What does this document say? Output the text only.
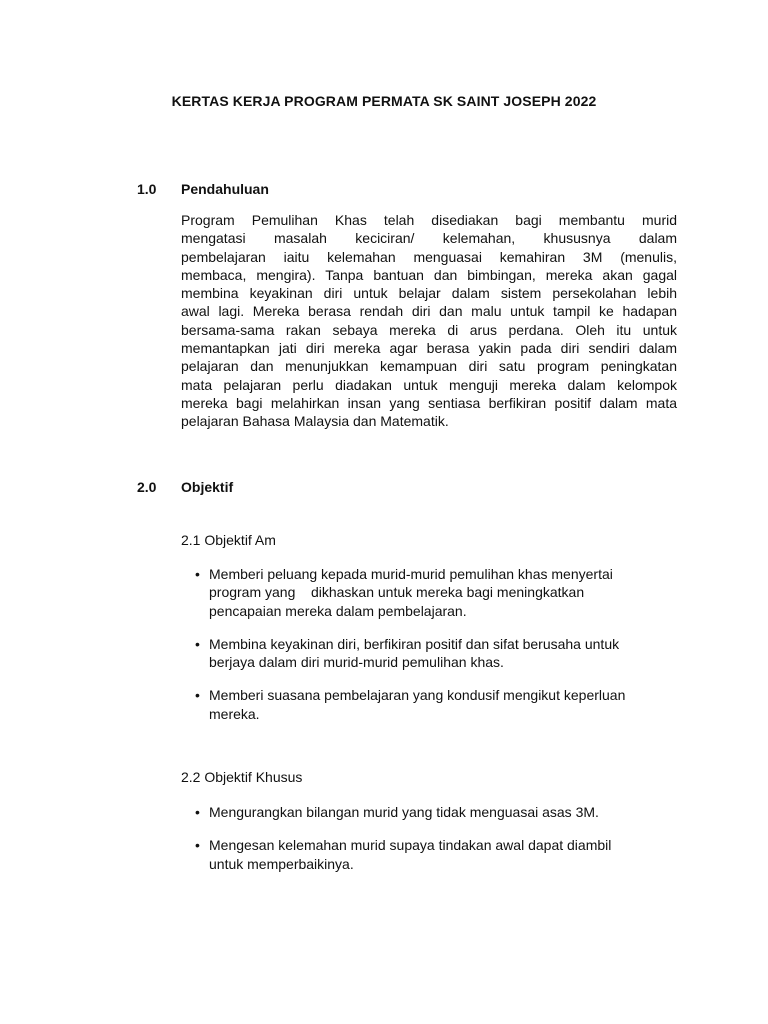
KERTAS KERJA PROGRAM PERMATA SK SAINT JOSEPH 2022
1.0 Pendahuluan
Program Pemulihan Khas telah disediakan bagi membantu murid
mengatasi masalah keciciran/ kelemahan, khususnya dalam
pembelajaran iaitu kelemahan menguasai kemahiran 3M (menulis,
membaca, mengira). Tanpa bantuan dan bimbingan, mereka akan gagal
membina keyakinan diri untuk belajar dalam sistem persekolahan lebih
awal lagi. Mereka berasa rendah diri dan malu untuk tampil ke hadapan
bersama-sama rakan sebaya mereka di arus perdana. Oleh itu untuk
memantapkan jati diri mereka agar berasa yakin pada diri sendiri dalam
pelajaran dan menunjukkan kemampuan diri satu program peningkatan
mata pelajaran perlu diadakan untuk menguji mereka dalam kelompok
mereka bagi melahirkan insan yang sentiasa berfikiran positif dalam mata
pelajaran Bahasa Malaysia dan Matematik.
2.0 Objektif
2.1 Objektif Am
• Memberi peluang kepada murid-murid pemulihan khas menyertai
program yang    dikhaskan untuk mereka bagi meningkatkan
pencapaian mereka dalam pembelajaran.
• Membina keyakinan diri, berfikiran positif dan sifat berusaha untuk
berjaya dalam diri murid-murid pemulihan khas.
• Memberi suasana pembelajaran yang kondusif mengikut keperluan
mereka.
2.2 Objektif Khusus
• Mengurangkan bilangan murid yang tidak menguasai asas 3M.
• Mengesan kelemahan murid supaya tindakan awal dapat diambil
untuk memperbaikinya.
